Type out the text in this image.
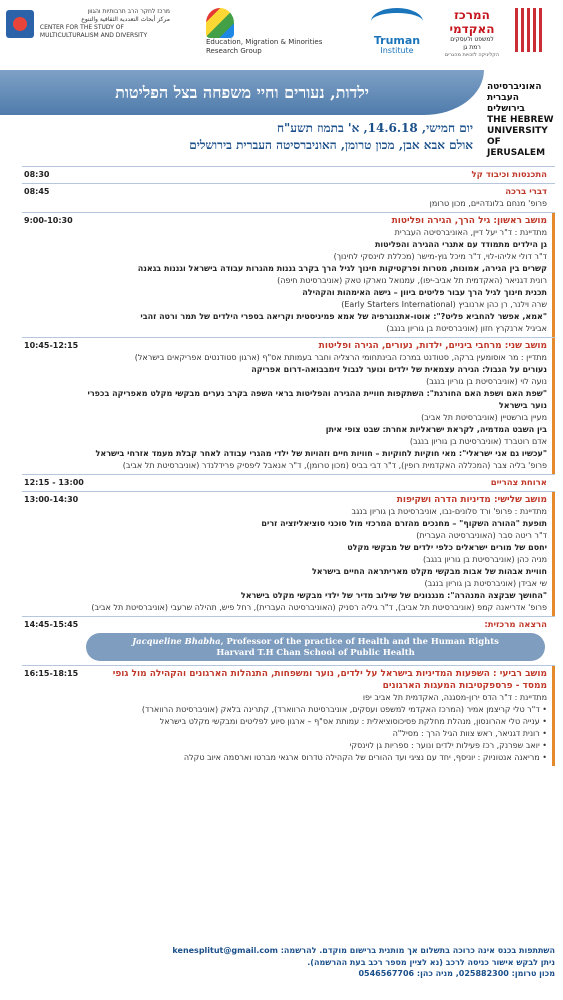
מרכז לחקר הרב תרבותיות והגוון
مركز أبحاث التعددية الثقافية والتنوع
CENTER FOR THE STUDY OF MULTICULTURALISM AND DIVERSITY

Education, Migration & Minorities
Research Group
Truman
Institute
המרכז האקדמי
למשפט ולעסקים
רמת גן
הקליניקה לזכויות מהגרים
האוניברסיטה
העברית
בירושלים
THE HEBREW
UNIVERSITY
OF JERUSALEM
ילדות, נעורים וחיי משפחה בצל הפליטות
יום חמישי, 14.6.18, א' בתמוז תשע"ח
אולם אבא אבן, מכון טרומן, האוניברסיטה העברית בירושלים
התכנסות וכיבוד קל
08:30
דברי ברכה
פרופ' מנחם בלונדהיים, מכון טרומן
08:45
מושב ראשון: גיל הרך, הגירה ופליטות
מתדיינת : ד"ר יעל דיין, האוניברסיטה העברית
גן הילדים מתמודד עם אתגרי ההגירה והפליטות
ד"ר דולי אליהו-לוי, ד"ר מיכל גוץ-מישר (מכללת לוינסקי לחינוך)
קשרים בין הגירה, אמונות, מטרות ופרקטיקות חינוך לגיל הרך בקרב גננות מהגרות עבודה בישראל וגננות בגאנה
רונית דגניאר (האקדמית תל אביב-יפו), עמנואל נוארקו טאק (אוניברסיטת חיפה)
תכנית חינוך לגיל הרך עבור פליטים ביוון – גישה האימהות והקהילה
שרה וילנר, רן כהן ארנוביץ (Early Starters International)
"אמא, אפשר להחביא פליט?": אוטו-אתנוגרפיה של אמא פמיניסטית וקריאה בספרי הילדים של תמר ורטה זהבי
אביגיל ארנקרץ חזון (אוניברסיטת בן גוריון בנגב)
9:00-10:30
מושב שני: מרחבי ביניים, ילדות, נעורים, הגירה ופליטות
מתדיין : מר אוסומעין ברקה, סטודנט במרכז הבינתחומי הרצליה וחבר בעמותת אס"ף (ארגון סטודנטים אפריקאים בישראל)
נעורים על הגבול: הגירה עצמאית של ילדים ונוער לגבול זימבבואה-דרום אפריקה
נועה לוי (אוניברסיטת בן גוריון בנגב)
"שפת האם ושפת האם החורגת": השתקפות חוויית ההגירה והפליטות בראי השפה בקרב נערים מבקשי מקלט מאפריקה בכפרי נוער בישראל
מעיין בורשטיין (אוניברסיטת תל אביב)
בין השבט המדמיה, לקראת ישראליות אחרת: שבט צופי איתן
אדם רוטברד (אוניברסיטת בן גוריון בנגב)
"עכשיו גם אני ישראלי": מאי חוקיות לחוקיות – חוויות חיים וזהויות של ילדי מהגרי עבודה לאחר קבלת מעמד אזרחי בישראל
פרופ' בליה צבר (המכללה האקדמית רופין), ד"ר דבי בביס (מכון טרומן), ד"ר אנאבל ליפסיק פרידלנדר (אוניברסיטת תל אביב)
10:45-12:15
ארוחת צהריים
12:15 - 13:00
מושב שלישי: מדיניות הדרה ושקיפות
מתדיינת : פרופ' ורד סלונים-נבו, אוניברסיטת בן גוריון בנגב
תופעת "ההורה השקוף" – מחנכים מהזרם המרכזי מול סוכני סוציאליזציה זרים
ד"ר ריטה סבר (האוניברסיטה העברית)
יחסם של מורים ישראלים כלפי ילדים של מבקשי מקלט
מניה כהן (אוניברסיטת בן גוריון בנגב)
חוויית אבהות של אבות מבקשי מקלט מאריתראה החיים בישראל
שי אבידן (אוניברסיטת בן גוריון בנגב)
"החושך שבקצה המנהרה": מנגנונים של שילוב מדיר של ילדי מבקשי מקלט בישראל
פרופ' אדריאנה קמפ (אוניברסיטת תל אביב), ד"ר גיליה רסניק (האוניברסיטה העברית), רחל פיש, תהילה שרעבי (אוניברסיטת תל אביב)
13:00-14:30
הרצאה מרכזית:
Jacqueline Bhabha, Professor of the practice of Health and the Human Rights
Harvard T.H Chan School of Public Health
14:45-15:45
מושב רביעי : השפעות המדיניות בישראל על ילדים, נוער ומשפחות, התנהלות הארגונים והקהילה מול גופי ממסד - פרספקטיבות המעגות הארגונים
מתדיינת : ד"ר הדס ירון-מסגנה, האקדמית תל אביב יפו
• ד"ר טלי קריצמן אמיר (המרכז האקדמי למשפט ועסקים, אוניברסיטת הרווארד), קתרינה בלאק (אוניברסיטת הרווארד)
• ענייה טלי אהרונסון, מנהלת מחלקת פסיכוסוציאלית : עמותת אס"ף – ארגון סיוע לפליטים ומבקשי מקלט בישראל
• רונית דגניאר, ראש צוות הגיל הרך : מסיל"ה
• יואב שפרנק, רכז פעילות ילדים ונוער : ספריות גן לוינסקי
• מריאנה אנטוניוק : יוניסף, יחד עם נציגי ועד ההורים של הקהילה טדרוס ארגאי מברטו וארסמה איוב טקלה
16:15-18:15
השתתפות בכנס אינה כרוכה בתשלום אך מותנית ברישום מוקדם. להרשמה: kenesplitut@gmail.com
ניתן לבקש אישור כניסה לרכב (נא לציין מספר רכב בעת ההרשמה).
מכון טרומן: 025882300, מניה כהן: 0546567706
